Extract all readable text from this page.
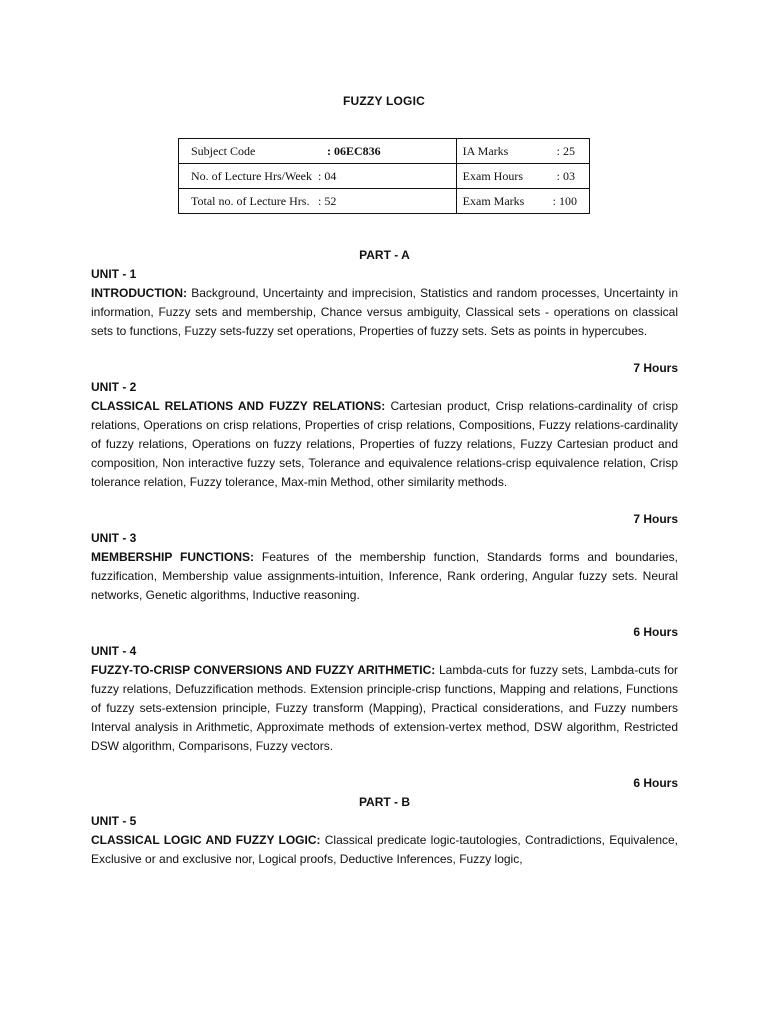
FUZZY LOGIC
Subject Code : 06EC836	IA Marks : 25
No. of Lecture Hrs/Week : 04	Exam Hours : 03
Total no. of Lecture Hrs. : 52	Exam Marks : 100
PART - A
UNIT - 1
INTRODUCTION: Background, Uncertainty and imprecision, Statistics and random processes, Uncertainty in information, Fuzzy sets and membership, Chance versus ambiguity, Classical sets - operations on classical sets to functions, Fuzzy sets-fuzzy set operations, Properties of fuzzy sets. Sets as points in hypercubes.
7 Hours
UNIT - 2
CLASSICAL RELATIONS AND FUZZY RELATIONS: Cartesian product, Crisp relations-cardinality of crisp relations, Operations on crisp relations, Properties of crisp relations, Compositions, Fuzzy relations-cardinality of fuzzy relations, Operations on fuzzy relations, Properties of fuzzy relations, Fuzzy Cartesian product and composition, Non interactive fuzzy sets, Tolerance and equivalence relations-crisp equivalence relation, Crisp tolerance relation, Fuzzy tolerance, Max-min Method, other similarity methods.
7 Hours
UNIT - 3
MEMBERSHIP FUNCTIONS: Features of the membership function, Standards forms and boundaries, fuzzification, Membership value assignments-intuition, Inference, Rank ordering, Angular fuzzy sets. Neural networks, Genetic algorithms, Inductive reasoning.
6 Hours
UNIT - 4
FUZZY-TO-CRISP CONVERSIONS AND FUZZY ARITHMETIC: Lambda-cuts for fuzzy sets, Lambda-cuts for fuzzy relations, Defuzzification methods. Extension principle-crisp functions, Mapping and relations, Functions of fuzzy sets-extension principle, Fuzzy transform (Mapping), Practical considerations, and Fuzzy numbers Interval analysis in Arithmetic, Approximate methods of extension-vertex method, DSW algorithm, Restricted DSW algorithm, Comparisons, Fuzzy vectors.
6 Hours
PART - B
UNIT - 5
CLASSICAL LOGIC AND FUZZY LOGIC: Classical predicate logic-tautologies, Contradictions, Equivalence, Exclusive or and exclusive nor, Logical proofs, Deductive Inferences, Fuzzy logic,
